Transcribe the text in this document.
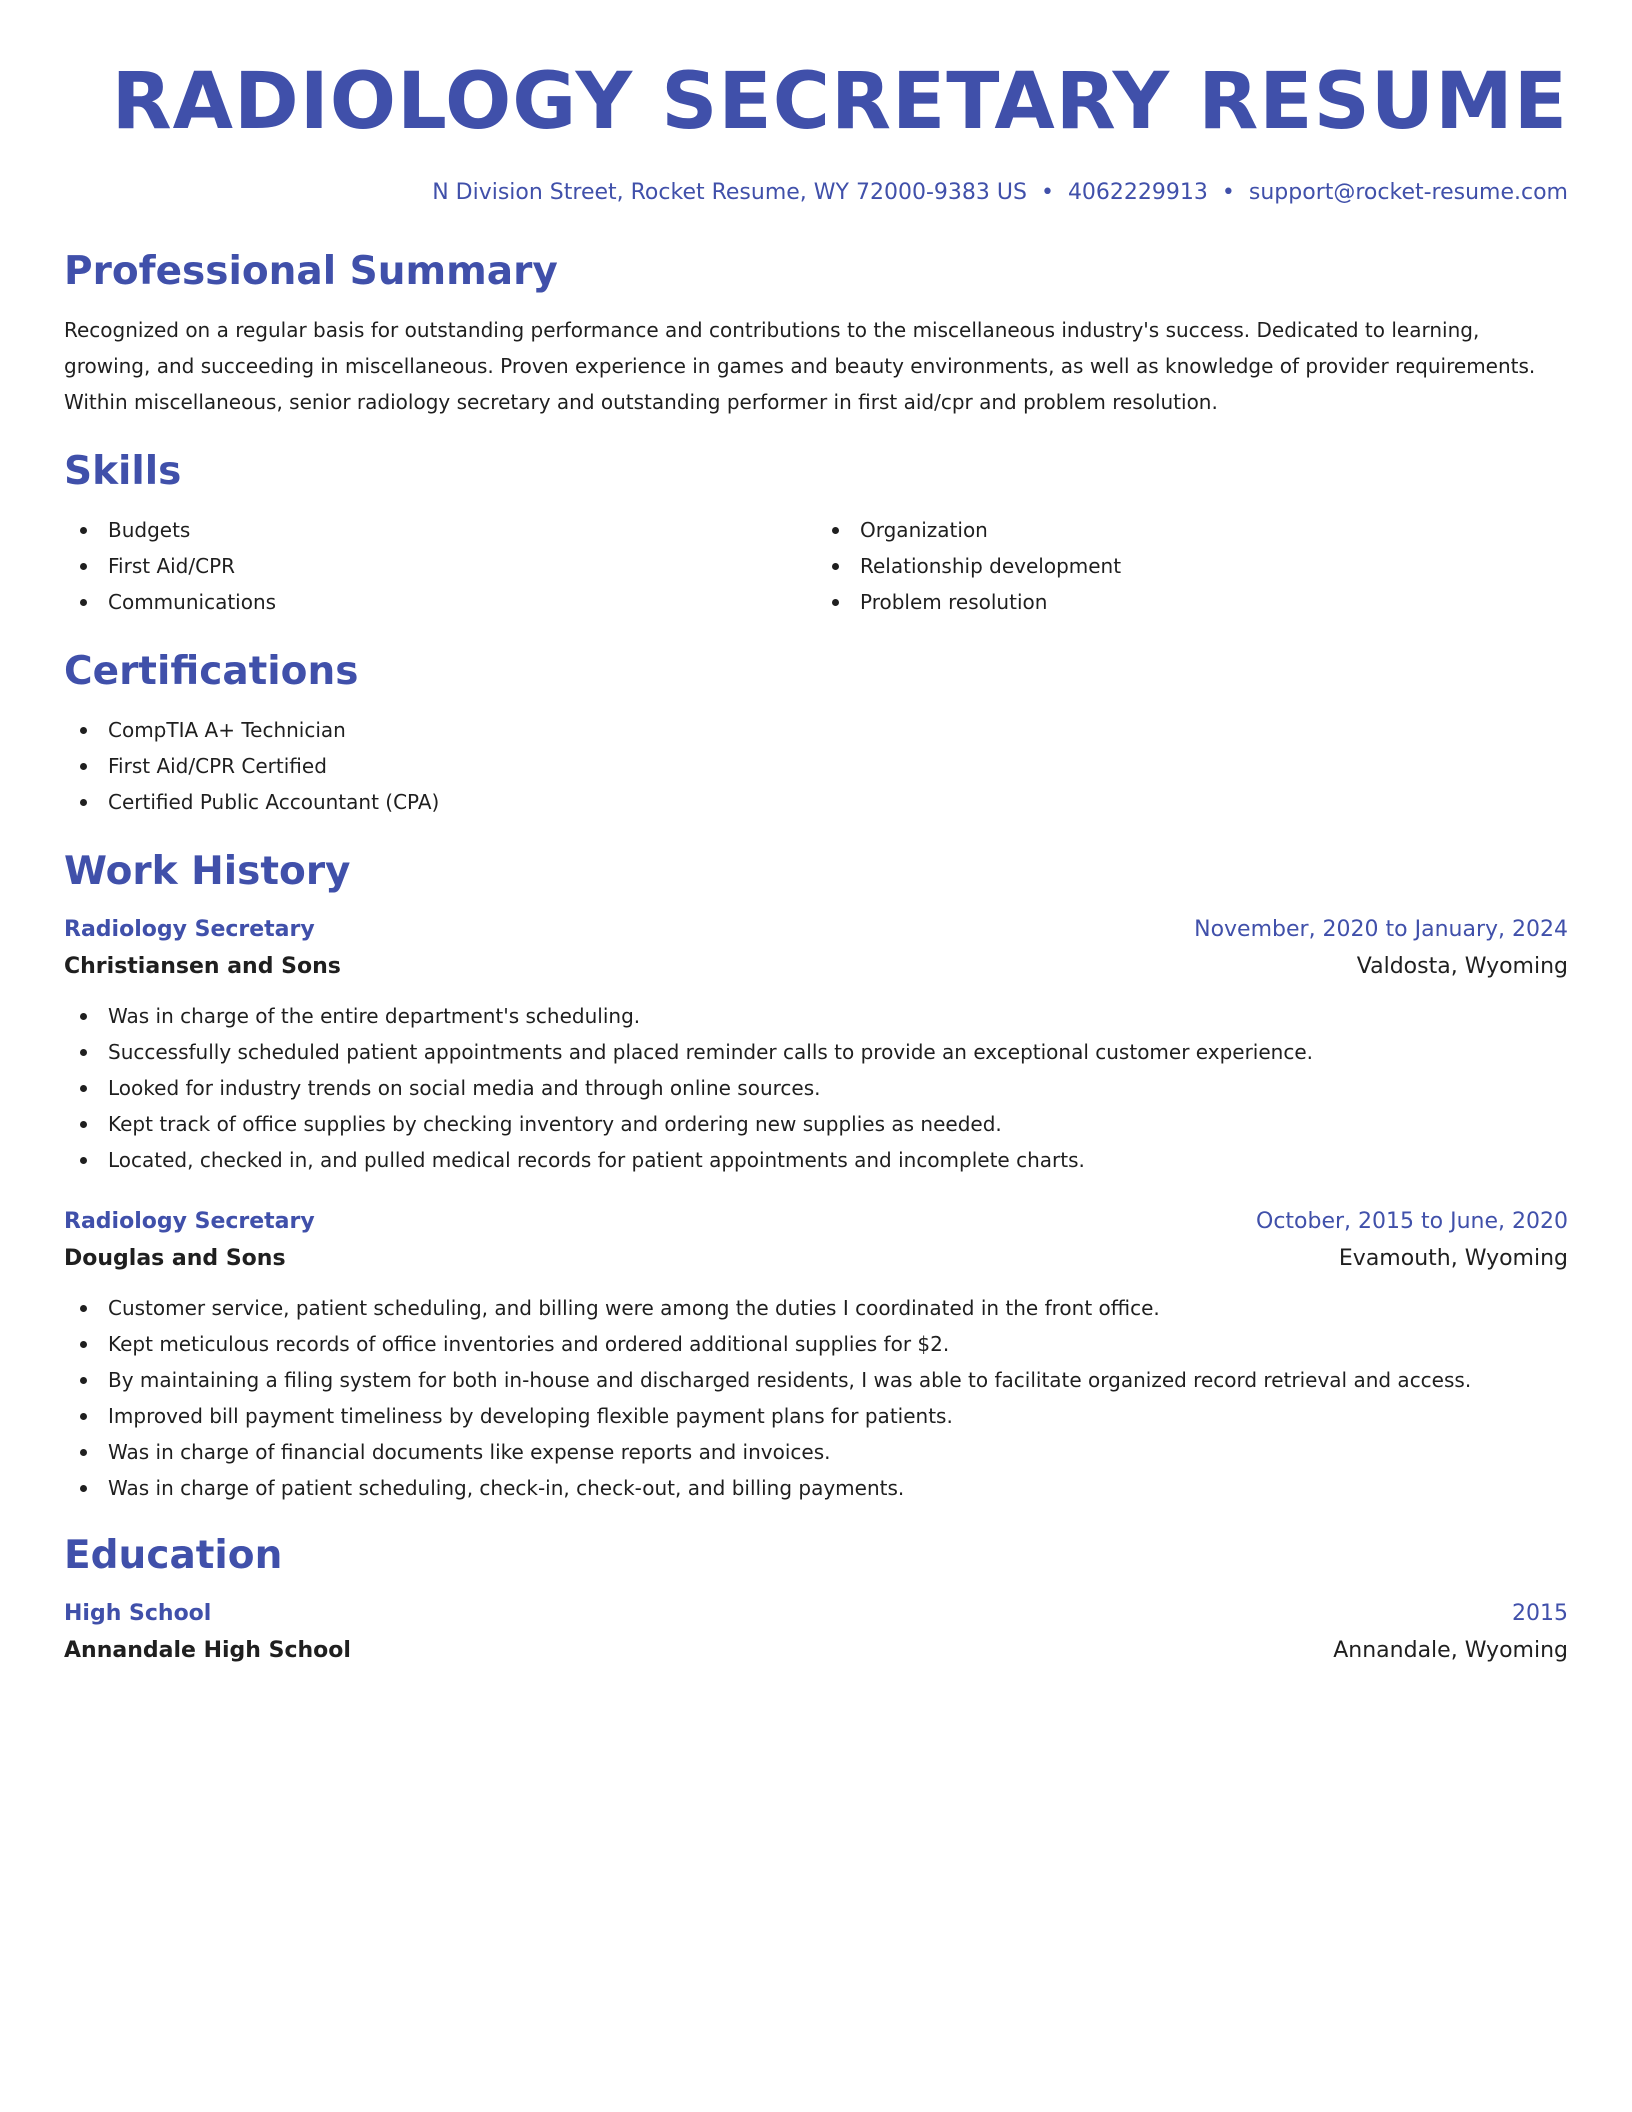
RADIOLOGY SECRETARY RESUME
N Division Street, Rocket Resume, WY 72000-9383 US • 4062229913 • support@rocket-resume.com
Professional Summary
Recognized on a regular basis for outstanding performance and contributions to the miscellaneous industry's success. Dedicated to learning, growing, and succeeding in miscellaneous. Proven experience in games and beauty environments, as well as knowledge of provider requirements. Within miscellaneous, senior radiology secretary and outstanding performer in first aid/cpr and problem resolution.
Skills
Budgets
First Aid/CPR
Communications
Organization
Relationship development
Problem resolution
Certifications
CompTIA A+ Technician
First Aid/CPR Certified
Certified Public Accountant (CPA)
Work History
Radiology Secretary	November, 2020 to January, 2024
Christiansen and Sons	Valdosta, Wyoming
Was in charge of the entire department's scheduling.
Successfully scheduled patient appointments and placed reminder calls to provide an exceptional customer experience.
Looked for industry trends on social media and through online sources.
Kept track of office supplies by checking inventory and ordering new supplies as needed.
Located, checked in, and pulled medical records for patient appointments and incomplete charts.
Radiology Secretary	October, 2015 to June, 2020
Douglas and Sons	Evamouth, Wyoming
Customer service, patient scheduling, and billing were among the duties I coordinated in the front office.
Kept meticulous records of office inventories and ordered additional supplies for $2.
By maintaining a filing system for both in-house and discharged residents, I was able to facilitate organized record retrieval and access.
Improved bill payment timeliness by developing flexible payment plans for patients.
Was in charge of financial documents like expense reports and invoices.
Was in charge of patient scheduling, check-in, check-out, and billing payments.
Education
High School	2015
Annandale High School	Annandale, Wyoming
